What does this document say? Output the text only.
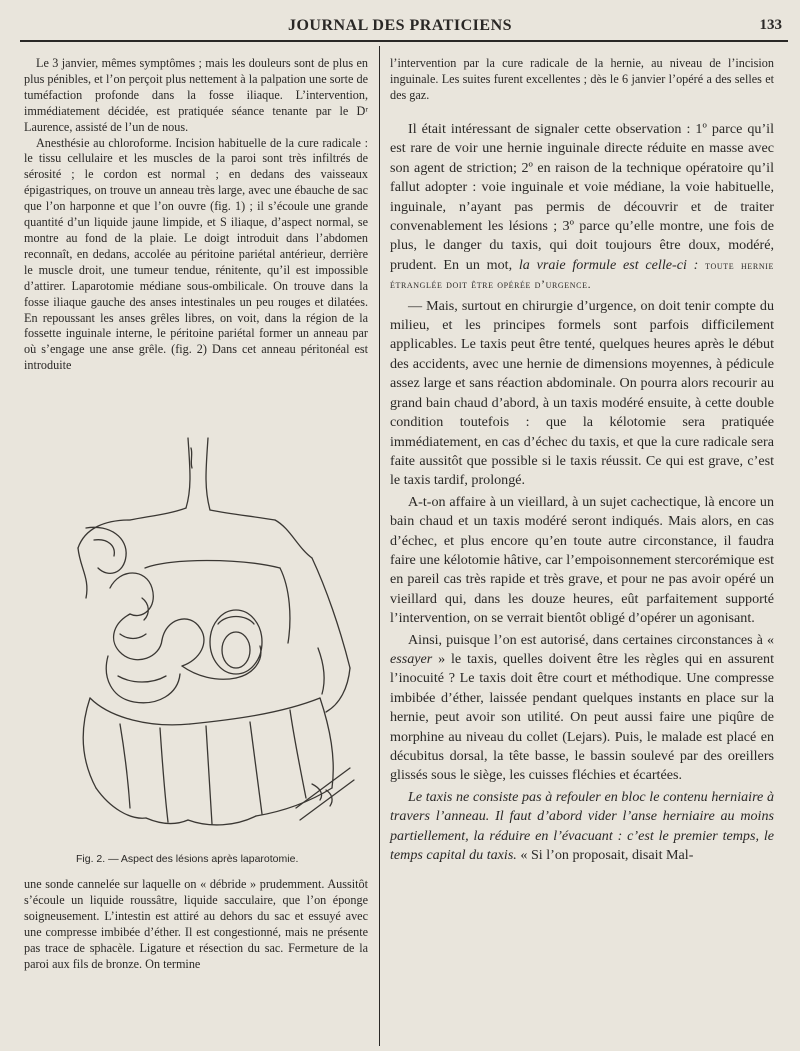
JOURNAL DES PRATICIENS	133

Le 3 janvier, mêmes symptômes ; mais les douleurs sont de plus en plus pénibles, et l’on perçoit plus nettement à la palpation une sorte de tuméfaction profonde dans la fosse iliaque. L’intervention, immédiatement décidée, est pratiquée séance tenante par le Dʳ Laurence, assisté de l’un de nous.

Anesthésie au chloroforme. Incision habituelle de la cure radicale : le tissu cellulaire et les muscles de la paroi sont très infiltrés de sérosité ; le cordon est normal ; en dedans des vaisseaux épigastriques, on trouve un anneau très large, avec une ébauche de sac que l’on harponne et que l’on ouvre (fig. 1) ; il s’écoule une grande quantité d’un liquide jaune limpide, et S iliaque, d’aspect normal, se montre au fond de la plaie. Le doigt introduit dans l’abdomen reconnaît, en dedans, accolée au péritoine pariétal antérieur, derrière le muscle droit, une tumeur tendue, rénitente, qu’il est impossible d’attirer. Laparotomie médiane sous-ombilicale. On trouve dans la fosse iliaque gauche des anses intestinales un peu rouges et dilatées. En repoussant les anses grêles libres, on voit, dans la région de la fossette inguinale interne, le péritoine pariétal former un anneau par où s’engage une anse grêle. (fig. 2) Dans cet anneau péritonéal est introduite

Fig. 2. — Aspect des lésions après laparotomie.

une sonde cannelée sur laquelle on « débride » prudemment. Aussitôt s’écoule un liquide roussâtre, liquide sacculaire, que l’on éponge soigneusement. L’intestin est attiré au dehors du sac et essuyé avec une compresse imbibée d’éther. Il est congestionné, mais ne présente pas trace de sphacèle. Ligature et résection du sac. Fermeture de la paroi aux fils de bronze. On termine

l’intervention par la cure radicale de la hernie, au niveau de l’incision inguinale. Les suites furent excellentes ; dès le 6 janvier l’opéré a des selles et des gaz.

Il était intéressant de signaler cette observation : 1º parce qu’il est rare de voir une hernie inguinale directe réduite en masse avec son agent de striction; 2º en raison de la technique opératoire qu’il fallut adopter : voie inguinale et voie médiane, la voie habituelle, inguinale, n’ayant pas permis de découvrir et de traiter convenablement les lésions ; 3º parce qu’elle montre, une fois de plus, le danger du taxis, qui doit toujours être doux, modéré, prudent. En un mot, la vraie formule est celle-ci : toute hernie étranglée doit être opérée d’urgence.

— Mais, surtout en chirurgie d’urgence, on doit tenir compte du milieu, et les principes formels sont parfois difficilement applicables. Le taxis peut être tenté, quelques heures après le début des accidents, avec une hernie de dimensions moyennes, à pédicule assez large et sans réaction abdominale. On pourra alors recourir au grand bain chaud d’abord, à un taxis modéré ensuite, à cette double condition toutefois : que la kélotomie sera pratiquée immédiatement, en cas d’échec du taxis, et que la cure radicale sera faite aussitôt que possible si le taxis réussit. Ce qui est grave, c’est le taxis tardif, prolongé.

A-t-on affaire à un vieillard, à un sujet cachectique, là encore un bain chaud et un taxis modéré seront indiqués. Mais alors, en cas d’échec, et plus encore qu’en toute autre circonstance, il faudra faire une kélotomie hâtive, car l’empoisonnement stercorémique est en pareil cas très rapide et très grave, et pour ne pas avoir opéré un vieillard qui, dans les douze heures, eût parfaitement supporté l’intervention, on se verrait bientôt obligé d’opérer un agonisant.

Ainsi, puisque l’on est autorisé, dans certaines circonstances à « essayer » le taxis, quelles doivent être les règles qui en assurent l’inocuité ? Le taxis doit être court et méthodique. Une compresse imbibée d’éther, laissée pendant quelques instants en place sur la hernie, peut avoir son utilité. On peut aussi faire une piqûre de morphine au niveau du collet (Lejars). Puis, le malade est placé en décubitus dorsal, la tête basse, le bassin soulevé par des oreillers glissés sous le siège, les cuisses fléchies et écartées.

Le taxis ne consiste pas à refouler en bloc le contenu herniaire à travers l’anneau. Il faut d’abord vider l’anse herniaire au moins partiellement, la réduire en l’évacuant : c’est le premier temps, le temps capital du taxis. « Si l’on proposait, disait Mal-
